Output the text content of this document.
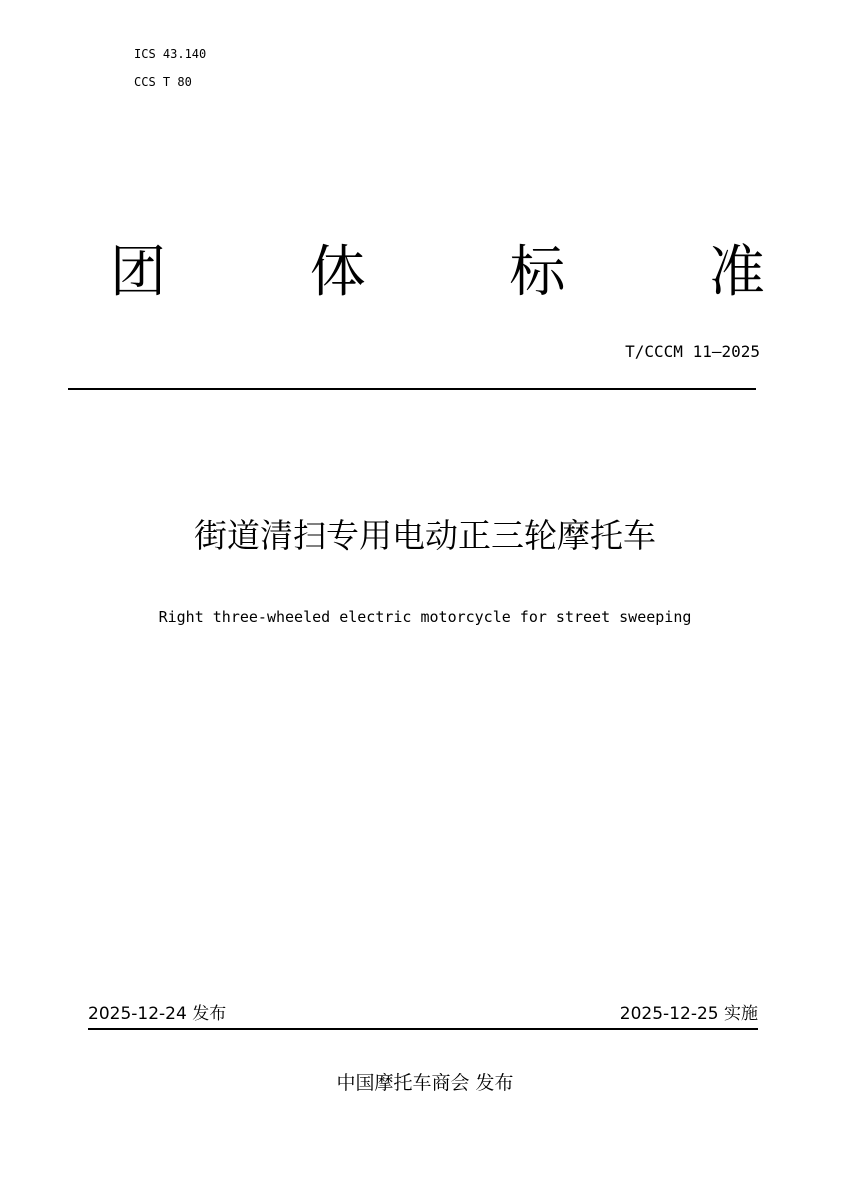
ICS 43.140
CCS T 80
团	体	标	准
T/CCCM 11—2025
街道清扫专用电动正三轮摩托车
Right three-wheeled electric motorcycle for street sweeping
2025-12-24 发布	2025-12-25 实施
中国摩托车商会 发布
